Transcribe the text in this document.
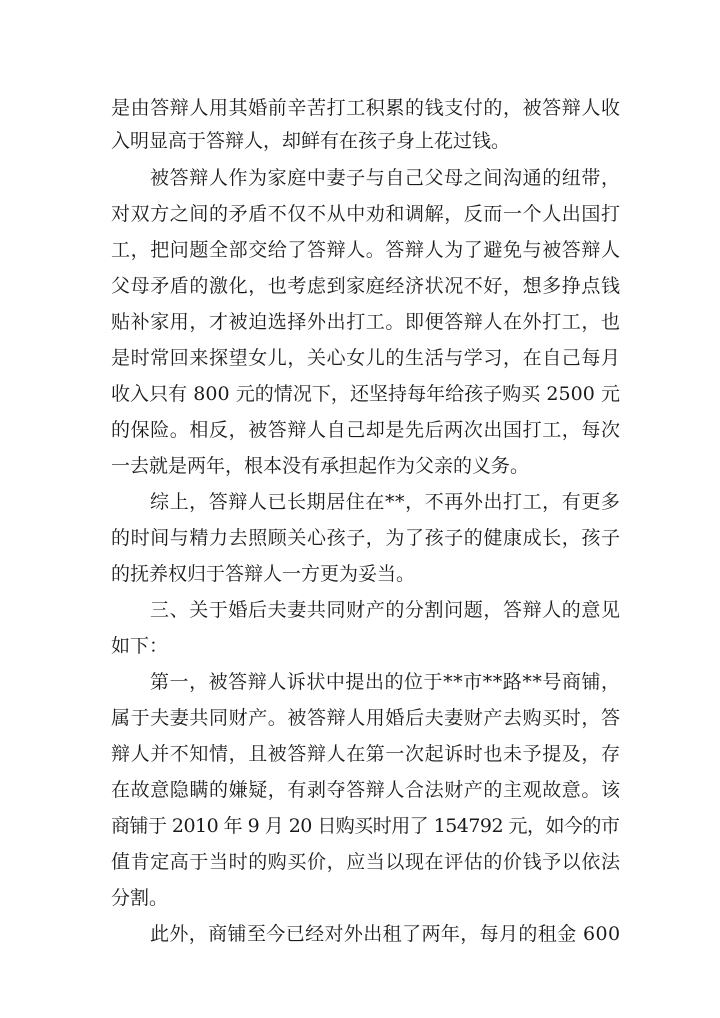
是由答辩人用其婚前辛苦打工积累的钱支付的，被答辩人收
入明显高于答辩人，却鲜有在孩子身上花过钱。
被答辩人作为家庭中妻子与自己父母之间沟通的纽带，
对双方之间的矛盾不仅不从中劝和调解，反而一个人出国打
工，把问题全部交给了答辩人。答辩人为了避免与被答辩人
父母矛盾的激化，也考虑到家庭经济状况不好，想多挣点钱
贴补家用，才被迫选择外出打工。即便答辩人在外打工，也
是时常回来探望女儿，关心女儿的生活与学习，在自己每月
收入只有 800 元的情况下，还坚持每年给孩子购买 2500 元
的保险。相反，被答辩人自己却是先后两次出国打工，每次
一去就是两年，根本没有承担起作为父亲的义务。
综上，答辩人已长期居住在**，不再外出打工，有更多
的时间与精力去照顾关心孩子，为了孩子的健康成长，孩子
的抚养权归于答辩人一方更为妥当。
三、关于婚后夫妻共同财产的分割问题，答辩人的意见
如下：
第一，被答辩人诉状中提出的位于**市**路**号商铺，
属于夫妻共同财产。被答辩人用婚后夫妻财产去购买时，答
辩人并不知情，且被答辩人在第一次起诉时也未予提及，存
在故意隐瞒的嫌疑，有剥夺答辩人合法财产的主观故意。该
商铺于 2010 年 9 月 20 日购买时用了 154792 元，如今的市
值肯定高于当时的购买价，应当以现在评估的价钱予以依法
分割。
此外，商铺至今已经对外出租了两年，每月的租金 600
